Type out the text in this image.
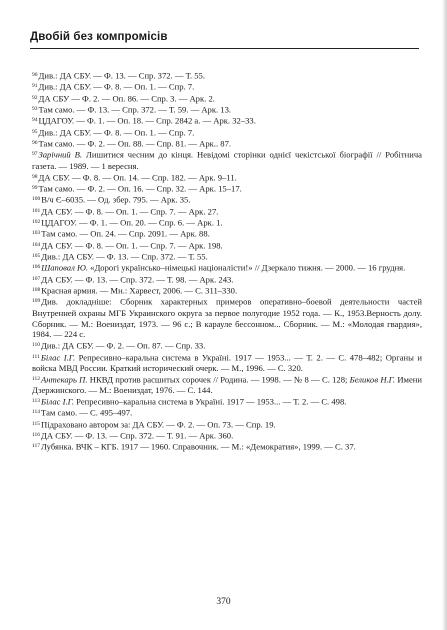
Двобій без компромісів

$^{90}$Див.: ДА СБУ. — Ф. 13. — Спр. 372. — Т. 55.

$^{91}$Див.: ДА СБУ. — Ф. 8. — Оп. 1. — Спр. 7.

$^{92}$ДА СБУ — Ф. 2. — Оп. 86. — Спр. 3. — Арк. 2.

$^{93}$Там само. — Ф. 13. — Спр. 372. — Т. 59. — Арк. 13.

$^{94}$ЦДАГОУ. — Ф. 1. — Оп. 18. — Спр. 2842 а. — Арк. 32–33.

$^{95}$Див.: ДА СБУ. — Ф. 8. — Оп. 1. — Спр. 7.

$^{96}$Там само. — Ф. 2. — Оп. 88. — Спр. 81. — Арк.. 87.

$^{97}$Зарічний В. Лишитися чесним до кінця. Невідомі сторінки однієї чекістської біографії // Робітнича газета. — 1989. — 1 вересня.

$^{98}$ДА СБУ. — Ф. 8. — Оп. 14. — Спр. 182. — Арк. 9–11.

$^{99}$Там само. — Ф. 2. — Оп. 16. — Спр. 32. — Арк. 15–17.

$^{100}$В/ч Є–6035. — Од. збер. 795. — Арк. 35.

$^{101}$ДА СБУ. — Ф. 8. — Оп. 1. — Спр. 7. — Арк. 27.

$^{102}$ЦДАГОУ. — Ф. 1. — Оп. 20. — Спр. 6. — Арк. 1.

$^{103}$Там само. — Оп. 24. — Спр. 2091. — Арк. 88.

$^{104}$ДА СБУ. — Ф. 8. — Оп. 1. — Спр. 7. — Арк. 198.

$^{105}$Див.: ДА СБУ. — Ф. 13. — Спр. 372. — Т. 55.

$^{106}$Шаповал Ю. «Дорогі українсько–німецькі націоналісти!» // Дзеркало тижня. — 2000. — 16 грудня.

$^{107}$ДА СБУ. — Ф. 13. — Спр. 372. — Т. 98. — Арк. 243.

$^{108}$Красная армия. — Мн.: Харвест, 2006. — С. 311–330.

$^{109}$Див. докладніше: Сборник характерных примеров оперативно–боевой деятельности частей Внутренней охраны МГБ Украинского округа за первое полугодие 1952 года. — К., 1953.Верность долу. Сборник. — М.: Воениздат, 1973. — 96 с.; В карауле бессонном... Сборник. — М.: «Молодая гвардия», 1984. — 224 с.

$^{110}$Див.: ДА СБУ. — Ф. 2. — Оп. 87. — Спр. 33.

$^{111}$Білас І.Г. Репресивно–каральна система в Україні. 1917 — 1953... — Т. 2. — С. 478–482; Органы и войска МВД России. Краткий исторический очерк. — М., 1996. — С. 320.

$^{112}$Антекарь П. НКВД против расшитых сорочек // Родина. — 1998. — № 8 — С. 128; Беликов Н.Г. Имени Дзержинского. — М.: Воениздат, 1976. — С. 144.

$^{113}$Білас І.Г. Репресивно–каральна система в Україні. 1917 — 1953... — Т. 2. — С. 498.

$^{114}$Там само. — С. 495–497.

$^{115}$Підраховано автором за: ДА СБУ. — Ф. 2. — Оп. 73. — Спр. 19.

$^{116}$ДА СБУ. — Ф. 13. — Спр. 372. — Т. 91. — Арк. 360.

$^{117}$Лубянка. ВЧК – КГБ. 1917 — 1960. Справочник. — М.: «Демократия», 1999. — С. 37.

370
